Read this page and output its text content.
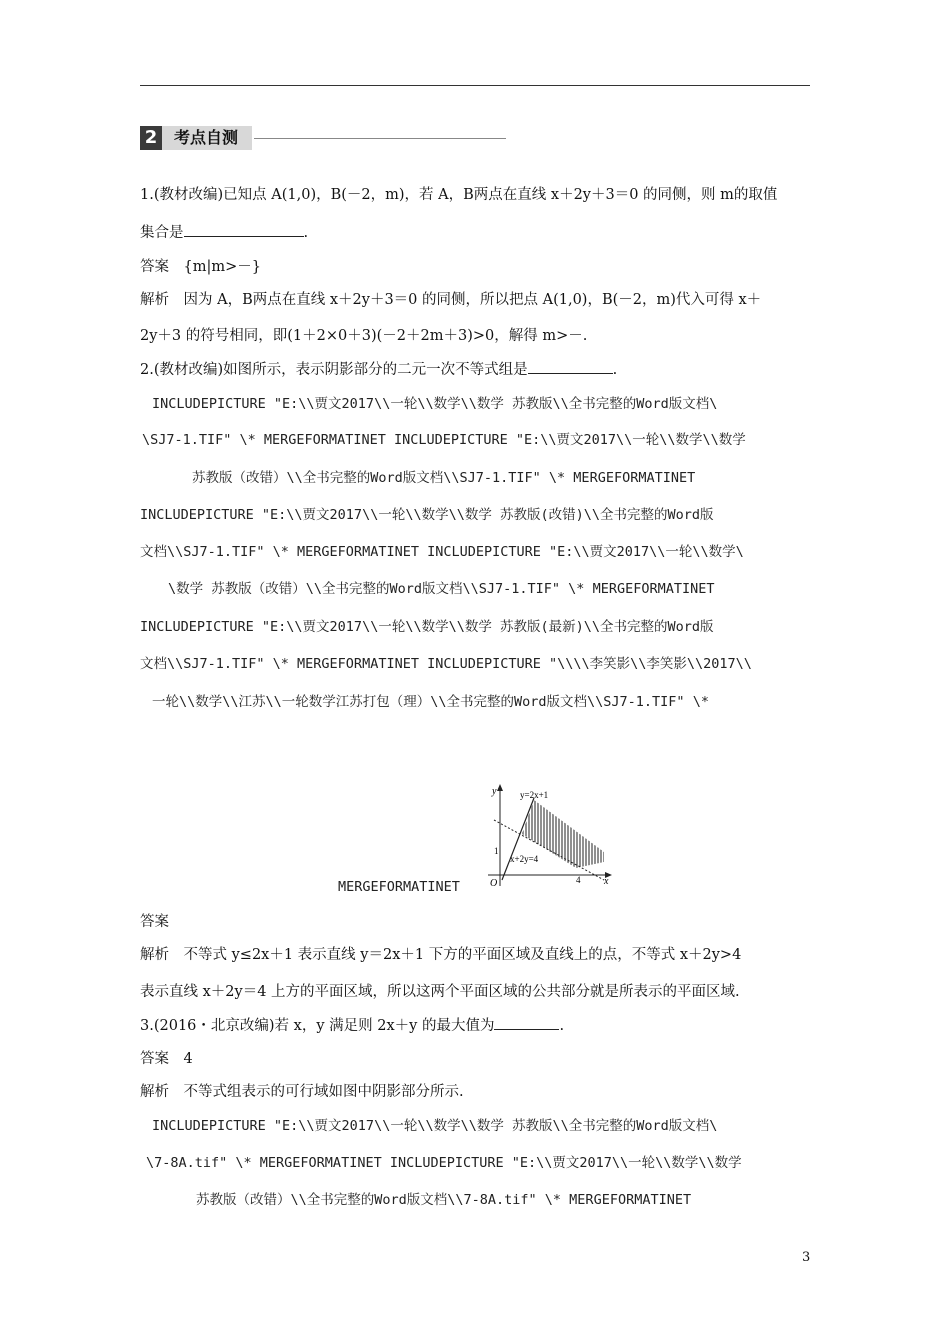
2	考点自测
1.(教材改编)已知点 A(1,0)，B(－2，m)，若 A，B两点在直线 x＋2y＋3＝0 的同侧，则 m的取值
集合是	.
答案　{m|m>－}
解析　因为 A，B两点在直线 x＋2y＋3＝0 的同侧，所以把点 A(1,0)，B(－2，m)代入可得 x＋
2y＋3 的符号相同，即(1＋2×0＋3)(－2＋2m＋3)>0，解得 m>－.
2.(教材改编)如图所示，表示阴影部分的二元一次不等式组是	.
INCLUDEPICTURE "E:\\贾文2017\\一轮\\数学\\数学 苏教版\\全书完整的Word版文档\
\SJ7-1.TIF" \* MERGEFORMATINET INCLUDEPICTURE "E:\\贾文2017\\一轮\\数学\\数学
苏教版（改错）\\全书完整的Word版文档\\SJ7-1.TIF" \* MERGEFORMATINET
INCLUDEPICTURE "E:\\贾文2017\\一轮\\数学\\数学 苏教版(改错)\\全书完整的Word版
文档\\SJ7-1.TIF" \* MERGEFORMATINET INCLUDEPICTURE "E:\\贾文2017\\一轮\\数学\
\数学 苏教版（改错）\\全书完整的Word版文档\\SJ7-1.TIF" \* MERGEFORMATINET
INCLUDEPICTURE "E:\\贾文2017\\一轮\\数学\\数学 苏教版(最新)\\全书完整的Word版
文档\\SJ7-1.TIF" \* MERGEFORMATINET INCLUDEPICTURE "\\\\李笑影\\李笑影\\2017\\
一轮\\数学\\江苏\\一轮数学江苏打包（理）\\全书完整的Word版文档\\SJ7-1.TIF" \*
y
x
O
y=2x+1
x+2y=4
1
4
MERGEFORMATINET
答案
解析　不等式 y≤2x＋1 表示直线 y＝2x＋1 下方的平面区域及直线上的点，不等式 x＋2y>4
表示直线 x＋2y＝4 上方的平面区域，所以这两个平面区域的公共部分就是所表示的平面区域.
3.(2016・北京改编)若 x，y 满足则 2x＋y 的最大值为	.
答案　4
解析　不等式组表示的可行域如图中阴影部分所示.
INCLUDEPICTURE "E:\\贾文2017\\一轮\\数学\\数学 苏教版\\全书完整的Word版文档\
\7-8A.tif" \* MERGEFORMATINET INCLUDEPICTURE "E:\\贾文2017\\一轮\\数学\\数学
苏教版（改错）\\全书完整的Word版文档\\7-8A.tif" \* MERGEFORMATINET
3
